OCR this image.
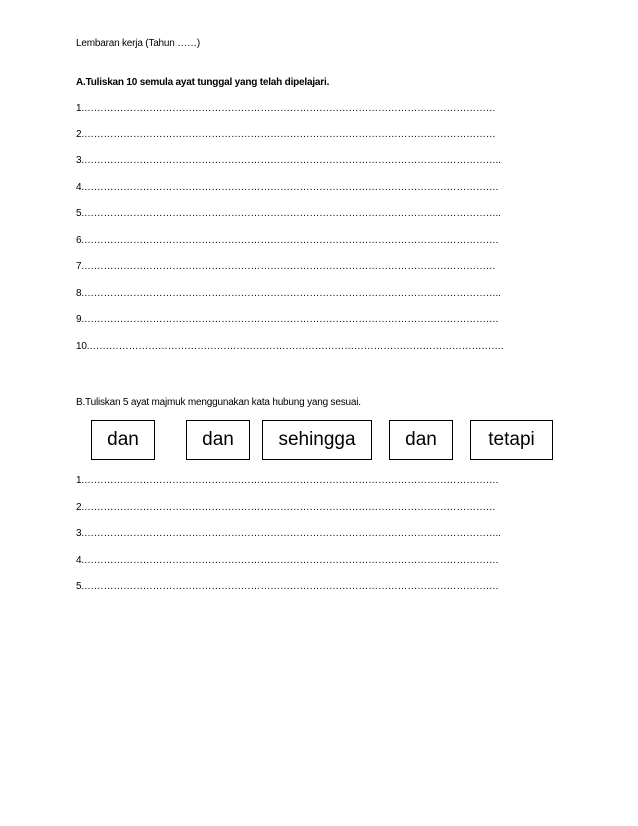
Lembaran kerja (Tahun ……)
A.Tuliskan 10 semula ayat tunggal yang telah dipelajari.
1.………………………………………………………………………………………………………………
2.………………………………………………………………………………………………………………
3.………………………………………………………………………………………………………………..
4.……………………………………………………………………………………………………………….
5.………………………………………………………………………………………………………………..
6.……………………………………………………………………………………………………………….
7.………………………………………………………………………………………………………………
8.………………………………………………………………………………………………………………..
9.……………………………………………………………………………………………………………….
10.……………………………………………………………………………………………………………….
B.Tuliskan 5 ayat majmuk menggunakan kata hubung yang sesuai.
dan	dan	sehingga	dan	tetapi
1.……………………………………………………………………………………………………………….
2.………………………………………………………………………………………………………………
3.………………………………………………………………………………………………………………..
4.……………………………………………………………………………………………………………….
5.……………………………………………………………………………………………………………….
